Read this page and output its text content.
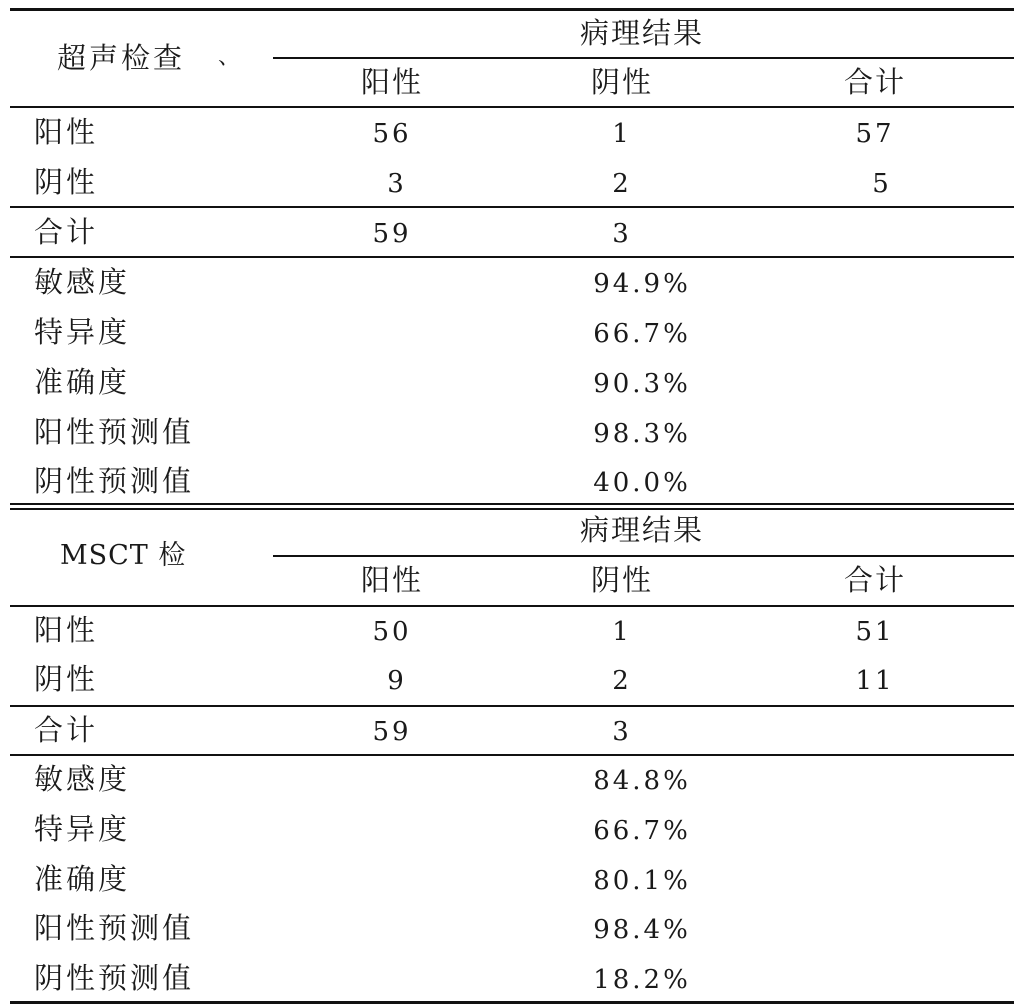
超声检查 、
病理结果
阳性	阴性	合计
阳性	56	1	57
阴性	3	2	5
合计	59	3
敏感度	94.9%
特异度	66.7%
准确度	90.3%
阳性预测值	98.3%
阴性预测值	40.0%
MSCT 检
病理结果
阳性	阴性	合计
阳性	50	1	51
阴性	9	2	11
合计	59	3
敏感度	84.8%
特异度	66.7%
准确度	80.1%
阳性预测值	98.4%
阴性预测值	18.2%
